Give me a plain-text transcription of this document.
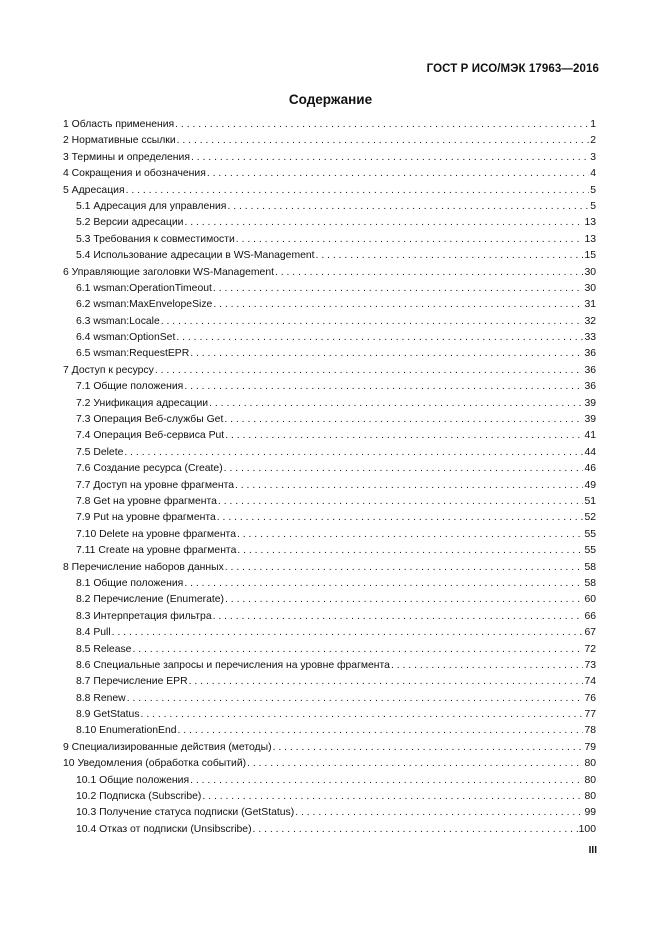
ГОСТ Р ИСО/МЭК 17963—2016
Содержание
1 Область применения . . .	1
2 Нормативные ссылки . . .	2
3 Термины и определения . . .	3
4 Сокращения и обозначения . . .	4
5 Адресация . . .	5
5.1 Адресация для управления . . .	5
5.2 Версии адресации . . .	13
5.3 Требования к совместимости . . .	13
5.4 Использование адресации в WS-Management . . .	15
6 Управляющие заголовки WS-Management . . .	30
6.1 wsman:OperationTimeout . . .	30
6.2 wsman:MaxEnvelopeSize . . .	31
6.3 wsman:Locale . . .	32
6.4 wsman:OptionSet . . .	33
6.5 wsman:RequestEPR . . .	36
7 Доступ к ресурсу . . .	36
7.1 Общие положения . . .	36
7.2 Унификация адресации . . .	39
7.3 Операция Веб-службы Get . . .	39
7.4 Операция Веб-сервиса Put . . .	41
7.5 Delete . . .	44
7.6 Создание ресурса (Create) . . .	46
7.7 Доступ на уровне фрагмента . . .	49
7.8 Get на уровне фрагмента . . .	51
7.9 Put на уровне фрагмента . . .	52
7.10 Delete на уровне фрагмента . . .	55
7.11 Create на уровне фрагмента . . .	55
8 Перечисление наборов данных . . .	58
8.1 Общие положения . . .	58
8.2 Перечисление (Enumerate) . . .	60
8.3 Интерпретация фильтра . . .	66
8.4 Pull . . .	67
8.5 Release . . .	72
8.6 Специальные запросы и перечисления на уровне фрагмента . . .	73
8.7 Перечисление EPR . . .	74
8.8 Renew . . .	76
8.9 GetStatus . . .	77
8.10 EnumerationEnd . . .	78
9 Специализированные действия (методы) . . .	79
10 Уведомления (обработка событий) . . .	80
10.1 Общие положения . . .	80
10.2 Подписка (Subscribe) . . .	80
10.3 Получение статуса подписки (GetStatus) . . .	99
10.4 Отказ от подписки (Unsibscribe) . . .	100
III
